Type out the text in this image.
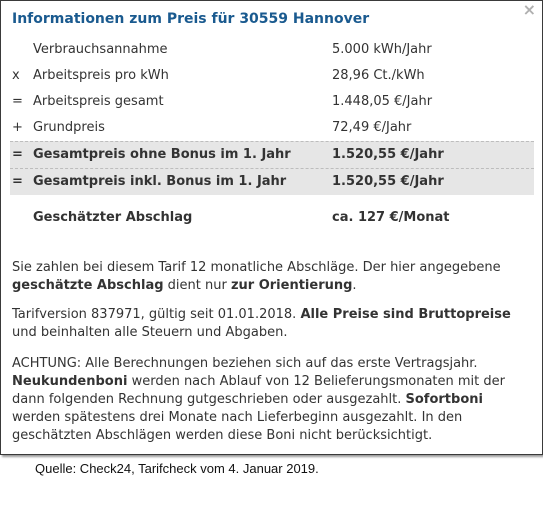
×
Informationen zum Preis für 30559 Hannover
Verbrauchsannahme	5.000 kWh/Jahr
x Arbeitspreis pro kWh	28,96 Ct./kWh
= Arbeitspreis gesamt	1.448,05 €/Jahr
+ Grundpreis	72,49 €/Jahr
= Gesamtpreis ohne Bonus im 1. Jahr	1.520,55 €/Jahr
= Gesamtpreis inkl. Bonus im 1. Jahr	1.520,55 €/Jahr
Geschätzter Abschlag	ca. 127 €/Monat
Sie zahlen bei diesem Tarif 12 monatliche Abschläge. Der hier angegebene geschätzte Abschlag dient nur zur Orientierung.
Tarifversion 837971, gültig seit 01.01.2018. Alle Preise sind Bruttopreise und beinhalten alle Steuern und Abgaben.
ACHTUNG: Alle Berechnungen beziehen sich auf das erste Vertragsjahr. Neukundenboni werden nach Ablauf von 12 Belieferungsmonaten mit der dann folgenden Rechnung gutgeschrieben oder ausgezahlt. Sofortboni werden spätestens drei Monate nach Lieferbeginn ausgezahlt. In den geschätzten Abschlägen werden diese Boni nicht berücksichtigt.
Quelle: Check24, Tarifcheck vom 4. Januar 2019.
